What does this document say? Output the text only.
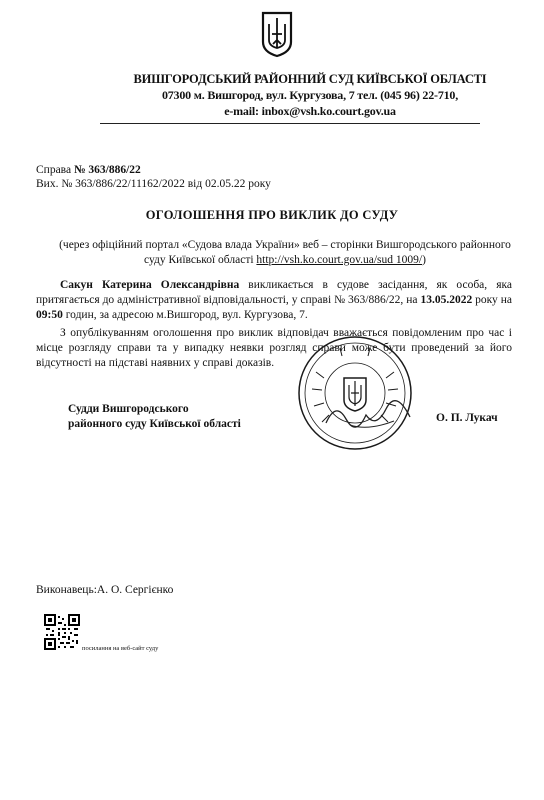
ВИШГОРОДСЬКИЙ РАЙОННИЙ СУД КИЇВСЬКОЇ ОБЛАСТІ
07300 м. Вишгород, вул. Кургузова, 7 тел. (045 96) 22-710,
e-mail: inbox@vsh.ko.court.gov.ua
Справа № 363/886/22
Вих. № 363/886/22/11162/2022 від 02.05.22 року
ОГОЛОШЕННЯ ПРО ВИКЛИК ДО СУДУ
(через офіційний портал «Судова влада України» веб – сторінки Вишгородського районного суду Київської області http://vsh.ko.court.gov.ua/sud 1009/)
Сакун Катерина Олександрівна викликається в судове засідання, як особа, яка притягається до адміністративної відповідальності, у справі № 363/886/22, на 13.05.2022 року на 09:50 годин, за адресою м.Вишгород, вул. Кургузова, 7.
З опублікуванням оголошення про виклик відповідач вважається повідомленим про час і місце розгляду справи та у випадку неявки розгляд справи може бути проведений за його відсутності на підставі наявних у справі доказів.
Судди Вишгородського
районного суду Київської області	О. П. Лукач
Виконавець:А. О. Сергієнко
посилання на веб-сайт суду
